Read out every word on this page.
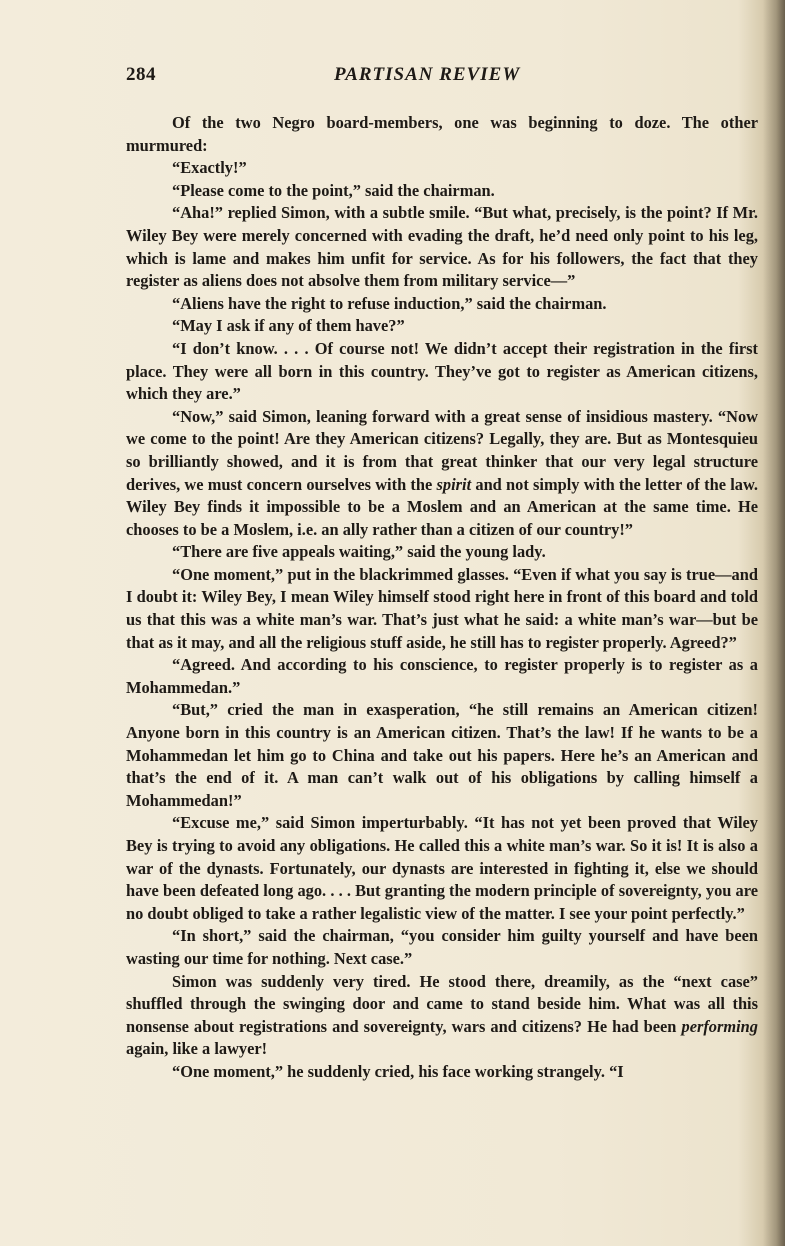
284	PARTISAN REVIEW

Of the two Negro board-members, one was beginning to doze. The other murmured:

“Exactly!”

“Please come to the point,” said the chairman.

“Aha!” replied Simon, with a subtle smile. “But what, precisely, is the point? If Mr. Wiley Bey were merely concerned with evading the draft, he’d need only point to his leg, which is lame and makes him unfit for service. As for his followers, the fact that they register as aliens does not absolve them from military service—”

“Aliens have the right to refuse induction,” said the chairman.

“May I ask if any of them have?”

“I don’t know. . . . Of course not! We didn’t accept their registration in the first place. They were all born in this country. They’ve got to register as American citizens, which they are.”

“Now,” said Simon, leaning forward with a great sense of insidious mastery. “Now we come to the point! Are they American citizens? Legally, they are. But as Montesquieu so brilliantly showed, and it is from that great thinker that our very legal structure derives, we must concern ourselves with the spirit and not simply with the letter of the law. Wiley Bey finds it impossible to be a Moslem and an American at the same time. He chooses to be a Moslem, i.e. an ally rather than a citizen of our country!”

“There are five appeals waiting,” said the young lady.

“One moment,” put in the blackrimmed glasses. “Even if what you say is true—and I doubt it: Wiley Bey, I mean Wiley himself stood right here in front of this board and told us that this was a white man’s war. That’s just what he said: a white man’s war—but be that as it may, and all the religious stuff aside, he still has to register properly. Agreed?”

“Agreed. And according to his conscience, to register properly is to register as a Mohammedan.”

“But,” cried the man in exasperation, “he still remains an American citizen! Anyone born in this country is an American citizen. That’s the law! If he wants to be a Mohammedan let him go to China and take out his papers. Here he’s an American and that’s the end of it. A man can’t walk out of his obligations by calling himself a Mohammedan!”

“Excuse me,” said Simon imperturbably. “It has not yet been proved that Wiley Bey is trying to avoid any obligations. He called this a white man’s war. So it is! It is also a war of the dynasts. Fortunately, our dynasts are interested in fighting it, else we should have been defeated long ago. . . . But granting the modern principle of sovereignty, you are no doubt obliged to take a rather legalistic view of the matter. I see your point perfectly.”

“In short,” said the chairman, “you consider him guilty yourself and have been wasting our time for nothing. Next case.”

Simon was suddenly very tired. He stood there, dreamily, as the “next case” shuffled through the swinging door and came to stand beside him. What was all this nonsense about registrations and sovereignty, wars and citizens? He had been performing again, like a lawyer!

“One moment,” he suddenly cried, his face working strangely. “I
